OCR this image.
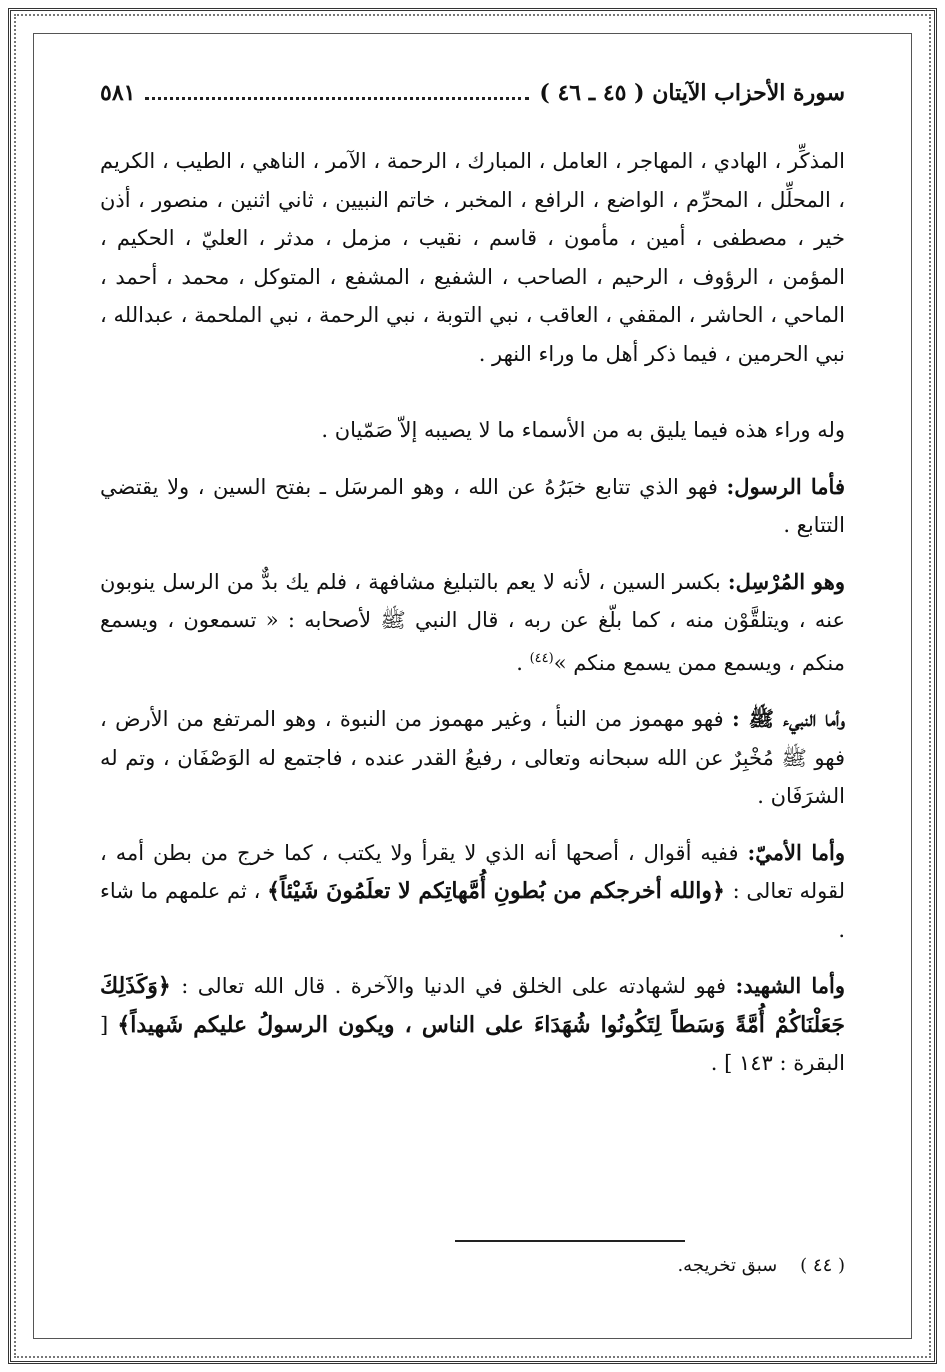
سورة الأحزاب الآيتان ( ٤٥ ـ ٤٦ )
٥٨١

المذكِّر ، الهادي ، المهاجر ، العامل ، المبارك ، الرحمة ، الآمر ، الناهي ، الطيب ، الكريم ، المحلِّل ، المحرِّم ، الواضع ، الرافع ، المخبر ، خاتم النبيين ، ثاني اثنين ، منصور ، أذن خير ، مصطفى ، أمين ، مأمون ، قاسم ، نقيب ، مزمل ، مدثر ، العليّ ، الحكيم ، المؤمن ، الرؤوف ، الرحيم ، الصاحب ، الشفيع ، المشفع ، المتوكل ، محمد ، أحمد ، الماحي ، الحاشر ، المقفي ، العاقب ، نبي التوبة ، نبي الرحمة ، نبي الملحمة ، عبدالله ، نبي الحرمين ، فيما ذكر أهل ما وراء النهر .

وله وراء هذه فيما يليق به من الأسماء ما لا يصيبه إلاّ صَمّيان .

فأما الرسول: فهو الذي تتابع خبَرُهُ عن الله ، وهو المرسَل ـ بفتح السين ، ولا يقتضي التتابع .

وهو المُرْسِل: بكسر السين ، لأنه لا يعم بالتبليغ مشافهة ، فلم يك بدٌّ من الرسل ينوبون عنه ، ويتلقَّوْن منه ، كما بلّغ عن ربه ، قال النبي ﷺ لأصحابه : « تسمعون ، ويسمع منكم ، ويسمع ممن يسمع منكم »$^{(٤٤)}$ .

وأما النبيء ﷺ : فهو مهموز من النبأ ، وغير مهموز من النبوة ، وهو المرتفع من الأرض ، فهو ﷺ مُخْبِرٌ عن الله سبحانه وتعالى ، رفيعُ القدر عنده ، فاجتمع له الوَصْفَان ، وتم له الشرَفَان .

وأما الأميّ: ففيه أقوال ، أصحها أنه الذي لا يقرأ ولا يكتب ، كما خرج من بطن أمه ، لقوله تعالى : ﴿والله أخرجكم من بُطونِ أُمَّهاتِكم لا تعلَمُونَ شَيْئاً﴾ ، ثم علمهم ما شاء .

وأما الشهيد: فهو لشهادته على الخلق في الدنيا والآخرة . قال الله تعالى : ﴿وَكَذَلِكَ جَعَلْنَاكُمْ أُمَّةً وَسَطاً لِتَكُونُوا شُهَدَاءَ على الناس ، ويكون الرسولُ عليكم شَهيداً﴾ [ البقرة : ١٤٣ ] .

( ٤٤ )    سبق تخريجه.
